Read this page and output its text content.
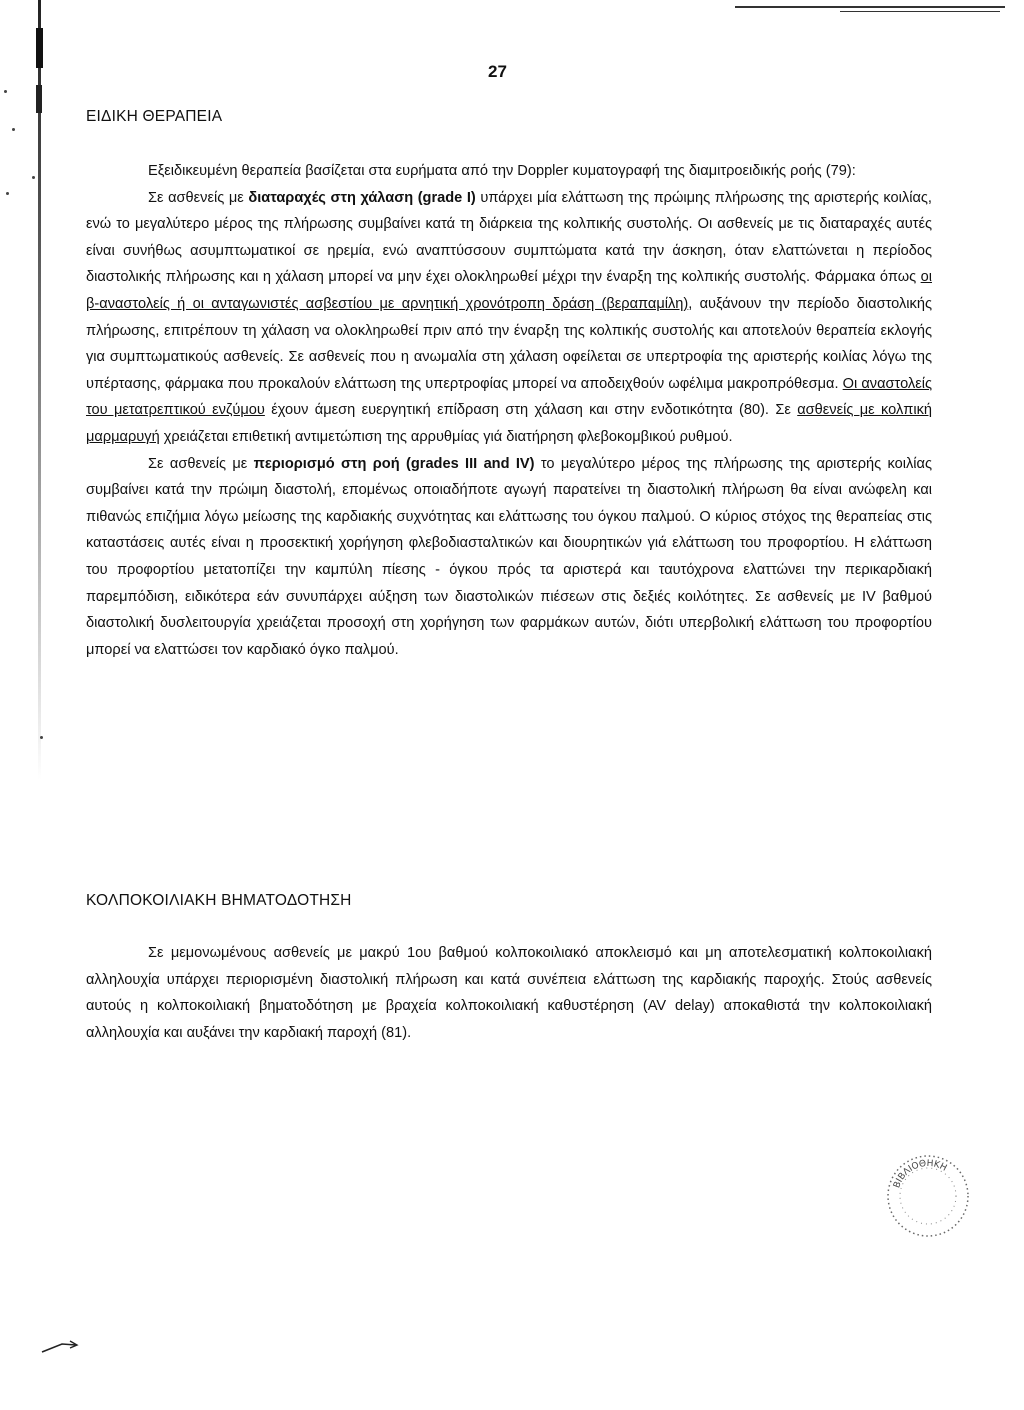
27
ΕΙΔΙΚΗ ΘΕΡΑΠΕΙΑ

Εξειδικευμένη θεραπεία βασίζεται στα ευρήματα από την Doppler κυματογραφή της διαμιτροειδικής ροής (79):

Σε ασθενείς με διαταραχές στη χάλαση (grade I) υπάρχει μία ελάττωση της πρώιμης πλήρωσης της αριστερής κοιλίας, ενώ το μεγαλύτερο μέρος της πλήρωσης συμβαίνει κατά τη διάρκεια της κολπικής συστολής. Οι ασθενείς με τις διαταραχές αυτές είναι συνήθως ασυμπτωματικοί σε ηρεμία, ενώ αναπτύσσουν συμπτώματα κατά την άσκηση, όταν ελαττώνεται η περίοδος διαστολικής πλήρωσης και η χάλαση μπορεί να μην έχει ολοκληρωθεί μέχρι την έναρξη της κολπικής συστολής. Φάρμακα όπως οι β-αναστολείς ή οι ανταγωνιστές ασβεστίου με αρνητική χρονότροπη δράση (βεραπαμίλη), αυξάνουν την περίοδο διαστολικής πλήρωσης, επιτρέπουν τη χάλαση να ολοκληρωθεί πριν από την έναρξη της κολπικής συστολής και αποτελούν θεραπεία εκλογής για συμπτωματικούς ασθενείς. Σε ασθενείς που η ανωμαλία στη χάλαση οφείλεται σε υπερτροφία της αριστερής κοιλίας λόγω της υπέρτασης, φάρμακα που προκαλούν ελάττωση της υπερτροφίας μπορεί να αποδειχθούν ωφέλιμα μακροπρόθεσμα. Οι αναστολείς του μετατρεπτικού ενζύμου έχουν άμεση ευεργητική επίδραση στη χάλαση και στην ενδοτικότητα (80). Σε ασθενείς με κολπική μαρμαρυγή χρειάζεται επιθετική αντιμετώπιση της αρρυθμίας γιά διατήρηση φλεβοκομβικού ρυθμού.

Σε ασθενείς με περιορισμό στη ροή (grades III and IV) το μεγαλύτερο μέρος της πλήρωσης της αριστερής κοιλίας συμβαίνει κατά την πρώιμη διαστολή, επομένως οποιαδήποτε αγωγή παρατείνει τη διαστολική πλήρωση θα είναι ανώφελη και πιθανώς επιζήμια λόγω μείωσης της καρδιακής συχνότητας και ελάττωσης του όγκου παλμού. Ο κύριος στόχος της θεραπείας στις καταστάσεις αυτές είναι η προσεκτική χορήγηση φλεβοδιασταλτικών και διουρητικών γιά ελάττωση του προφορτίου. Η ελάττωση του προφορτίου μετατοπίζει την καμπύλη πίεσης - όγκου πρός τα αριστερά και ταυτόχρονα ελαττώνει την περικαρδιακή παρεμπόδιση, ειδικότερα εάν συνυπάρχει αύξηση των διαστολικών πιέσεων στις δεξιές κοιλότητες. Σε ασθενείς με IV βαθμού διαστολική δυσλειτουργία χρειάζεται προσοχή στη χορήγηση των φαρμάκων αυτών, διότι υπερβολική ελάττωση του προφορτίου μπορεί να ελαττώσει τον καρδιακό όγκο παλμού.

ΚΟΛΠΟΚΟΙΛΙΑΚΗ ΒΗΜΑΤΟΔΟΤΗΣΗ

Σε μεμονωμένους ασθενείς με μακρύ 1ου βαθμού κολποκοιλιακό αποκλεισμό και μη αποτελεσματική κολποκοιλιακή αλληλουχία υπάρχει περιορισμένη διαστολική πλήρωση και κατά συνέπεια ελάττωση της καρδιακής παροχής. Στούς ασθενείς αυτούς η κολποκοιλιακή βηματοδότηση με βραχεία κολποκοιλιακή καθυστέρηση (AV delay) αποκαθιστά την κολποκοιλιακή αλληλουχία και αυξάνει την καρδιακή παροχή (81).

ΒΙΒΛΙΟΘΗΚΗ
